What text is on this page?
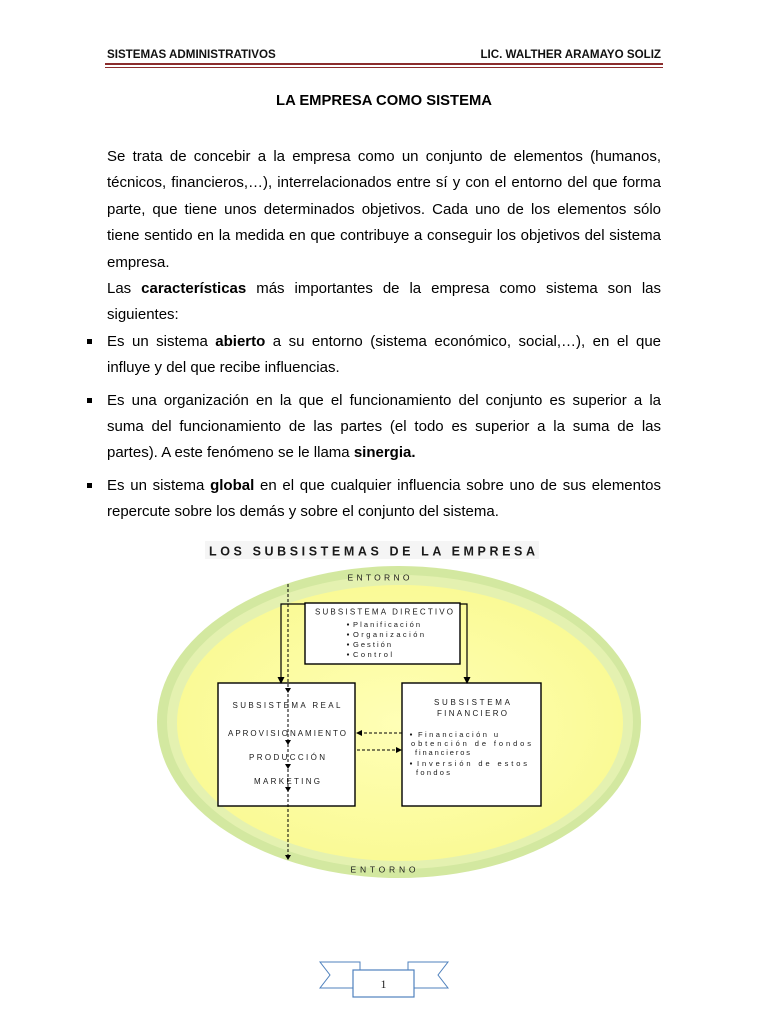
SISTEMAS ADMINISTRATIVOS	LIC. WALTHER ARAMAYO SOLIZ
LA EMPRESA COMO SISTEMA

Se trata de concebir a la empresa como un conjunto de elementos (humanos, técnicos, financieros,…), interrelacionados entre sí y con el entorno del que forma parte, que tiene unos determinados objetivos. Cada uno de los elementos sólo tiene sentido en la medida en que contribuye a conseguir los objetivos del sistema empresa.

Las características más importantes de la empresa como sistema son las siguientes:

Es un sistema abierto a su entorno (sistema económico, social,…), en el que influye y del que recibe influencias.
Es una organización en la que el funcionamiento del conjunto es superior a la suma del funcionamiento de las partes (el todo es superior a la suma de las partes). A este fenómeno se le llama sinergia.
Es un sistema global en el que cualquier influencia sobre uno de sus elementos repercute sobre los demás y sobre el conjunto del sistema.
LOS SUBSISTEMAS DE LA EMPRESA
ENTORNO
ENTORNO
SUBSISTEMA DIRECTIVO
Planificación
Organización
Gestión
Control
SUBSISTEMA REAL
APROVISIONAMIENTO
PRODUCCIÓN
MARKETING
SUBSISTEMA
FINANCIERO
Financiación u
obtención de fondos
financieros
Inversión de estos
fondos
1
